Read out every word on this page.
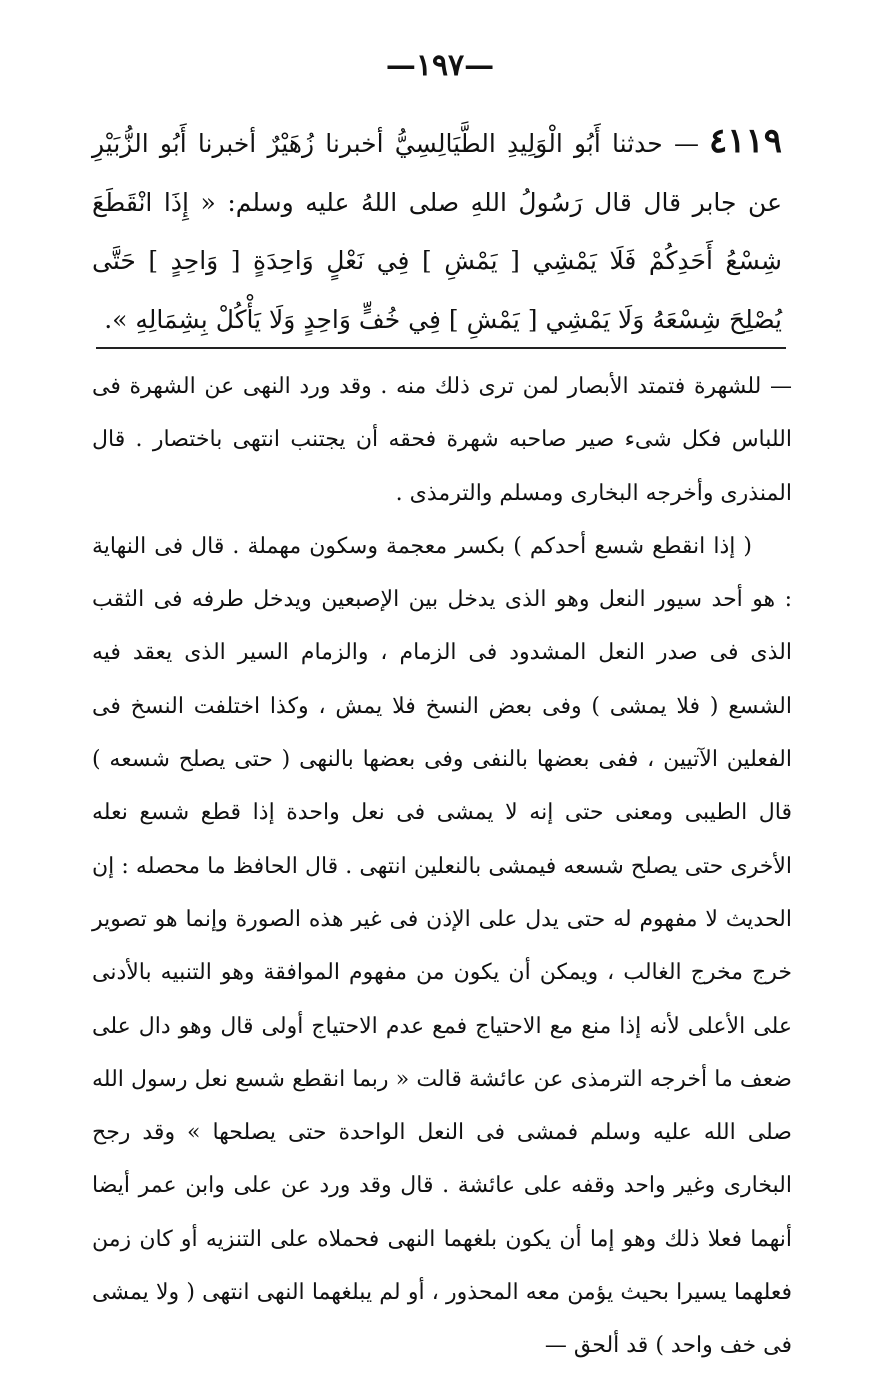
—١٩٧—
٤١١٩— حدثنا أَبُو الْوَلِيدِ الطَّيَالِسِيُّ أخبرنا زُهَيْرٌ أخبرنا أَبُو الزُّبَيْرِ عن جابر قال قال رَسُولُ اللهِ صلى اللهُ عليه وسلم: « إِذَا انْقَطَعَ شِسْعُ أَحَدِكُمْ فَلَا يَمْشِي [ يَمْشِ ] فِي نَعْلٍ وَاحِدَةٍ [ وَاحِدٍ ] حَتَّى يُصْلِحَ شِسْعَهُ وَلَا يَمْشِي [ يَمْشِ ] فِي خُفٍّ وَاحِدٍ وَلَا يَأْكُلْ بِشِمَالِهِ ».

— للشهرة فتمتد الأبصار لمن ترى ذلك منه . وقد ورد النهى عن الشهرة فى اللباس فكل شىء صير صاحبه شهرة فحقه أن يجتنب انتهى باختصار . قال المنذرى وأخرجه البخارى ومسلم والترمذى .

( إذا انقطع شسع أحدكم ) بكسر معجمة وسكون مهملة . قال فى النهاية : هو أحد سيور النعل وهو الذى يدخل بين الإصبعين ويدخل طرفه فى الثقب الذى فى صدر النعل المشدود فى الزمام ، والزمام السير الذى يعقد فيه الشسع ( فلا يمشى ) وفى بعض النسخ فلا يمش ، وكذا اختلفت النسخ فى الفعلين الآتيين ، ففى بعضها بالنفى وفى بعضها بالنهى ( حتى يصلح شسعه ) قال الطيبى ومعنى حتى إنه لا يمشى فى نعل واحدة إذا قطع شسع نعله الأخرى حتى يصلح شسعه فيمشى بالنعلين انتهى . قال الحافظ ما محصله : إن الحديث لا مفهوم له حتى يدل على الإذن فى غير هذه الصورة وإنما هو تصوير خرج مخرج الغالب ، ويمكن أن يكون من مفهوم الموافقة وهو التنبيه بالأدنى على الأعلى لأنه إذا منع مع الاحتياج فمع عدم الاحتياج أولى قال وهو دال على ضعف ما أخرجه الترمذى عن عائشة قالت « ربما انقطع شسع نعل رسول الله صلى الله عليه وسلم فمشى فى النعل الواحدة حتى يصلحها » وقد رجح البخارى وغير واحد وقفه على عائشة . قال وقد ورد عن على وابن عمر أيضا أنهما فعلا ذلك وهو إما أن يكون بلغهما النهى فحملاه على التنزيه أو كان زمن فعلهما يسيرا بحيث يؤمن معه المحذور ، أو لم يبلغهما النهى انتهى ( ولا يمشى فى خف واحد ) قد ألحق —
